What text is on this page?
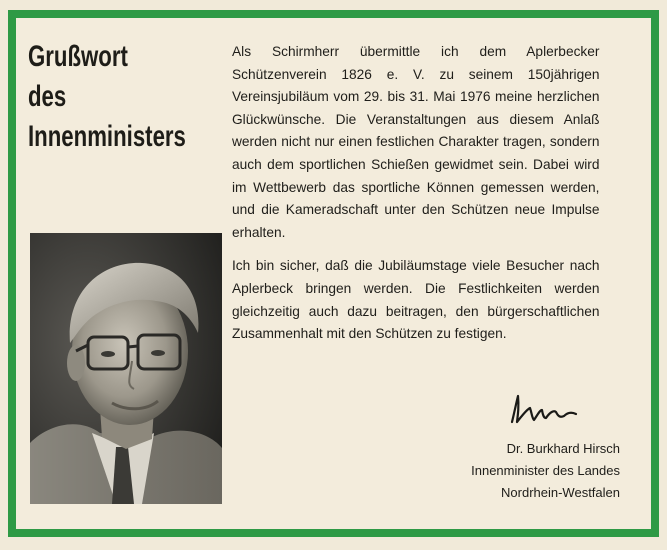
Grußwort
des
Innenministers

Als Schirmherr übermittle ich dem Aplerbecker Schützenverein 1826 e. V. zu seinem 150jährigen Vereinsjubiläum vom 29. bis 31. Mai 1976 meine herzlichen Glückwünsche. Die Veranstaltungen aus diesem Anlaß werden nicht nur einen festlichen Charakter tragen, sondern auch dem sportlichen Schießen gewidmet sein. Dabei wird im Wettbewerb das sportliche Können gemessen werden, und die Kameradschaft unter den Schützen neue Impulse erhalten.

Ich bin sicher, daß die Jubiläumstage viele Besucher nach Aplerbeck bringen werden. Die Festlichkeiten werden gleichzeitig auch dazu beitragen, den bürgerschaftlichen Zusammenhalt mit den Schützen zu festigen.

Dr. Burkhard Hirsch
Innenminister des Landes
Nordrhein-Westfalen
